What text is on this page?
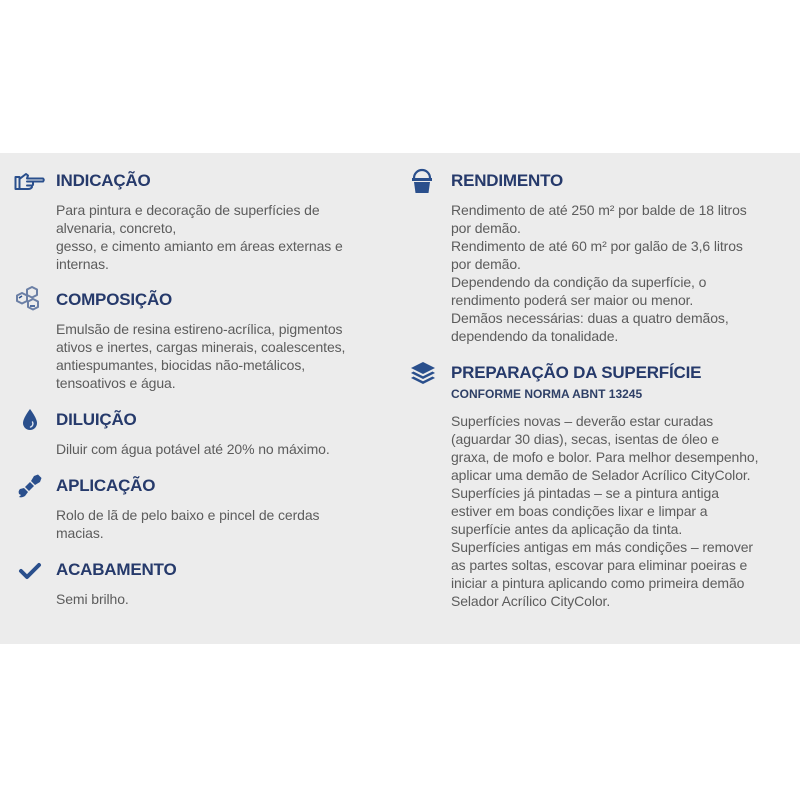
INDICAÇÃO
Para pintura e decoração de superfícies de
alvenaria, concreto,
gesso, e cimento amianto em áreas externas e
internas.
COMPOSIÇÃO
Emulsão de resina estireno-acrílica, pigmentos
ativos e inertes, cargas minerais, coalescentes,
antiespumantes, biocidas não-metálicos,
tensoativos e água.
DILUIÇÃO
Diluir com água potável até 20% no máximo.
APLICAÇÃO
Rolo de lã de pelo baixo e pincel de cerdas
macias.
ACABAMENTO
Semi brilho.
RENDIMENTO
Rendimento de até 250 m² por balde de 18 litros
por demão.
Rendimento de até 60 m² por galão de 3,6 litros
por demão.
Dependendo da condição da superfície, o
rendimento poderá ser maior ou menor.
Demãos necessárias: duas a quatro demãos,
dependendo da tonalidade.
PREPARAÇÃO DA SUPERFÍCIE
CONFORME NORMA ABNT 13245
Superfícies novas – deverão estar curadas
(aguardar 30 dias), secas, isentas de óleo e
graxa, de mofo e bolor. Para melhor desempenho,
aplicar uma demão de Selador Acrílico CityColor.
Superfícies já pintadas – se a pintura antiga
estiver em boas condições lixar e limpar a
superfície antes da aplicação da tinta.
Superfícies antigas em más condições – remover
as partes soltas, escovar para eliminar poeiras e
iniciar a pintura aplicando como primeira demão
Selador Acrílico CityColor.
